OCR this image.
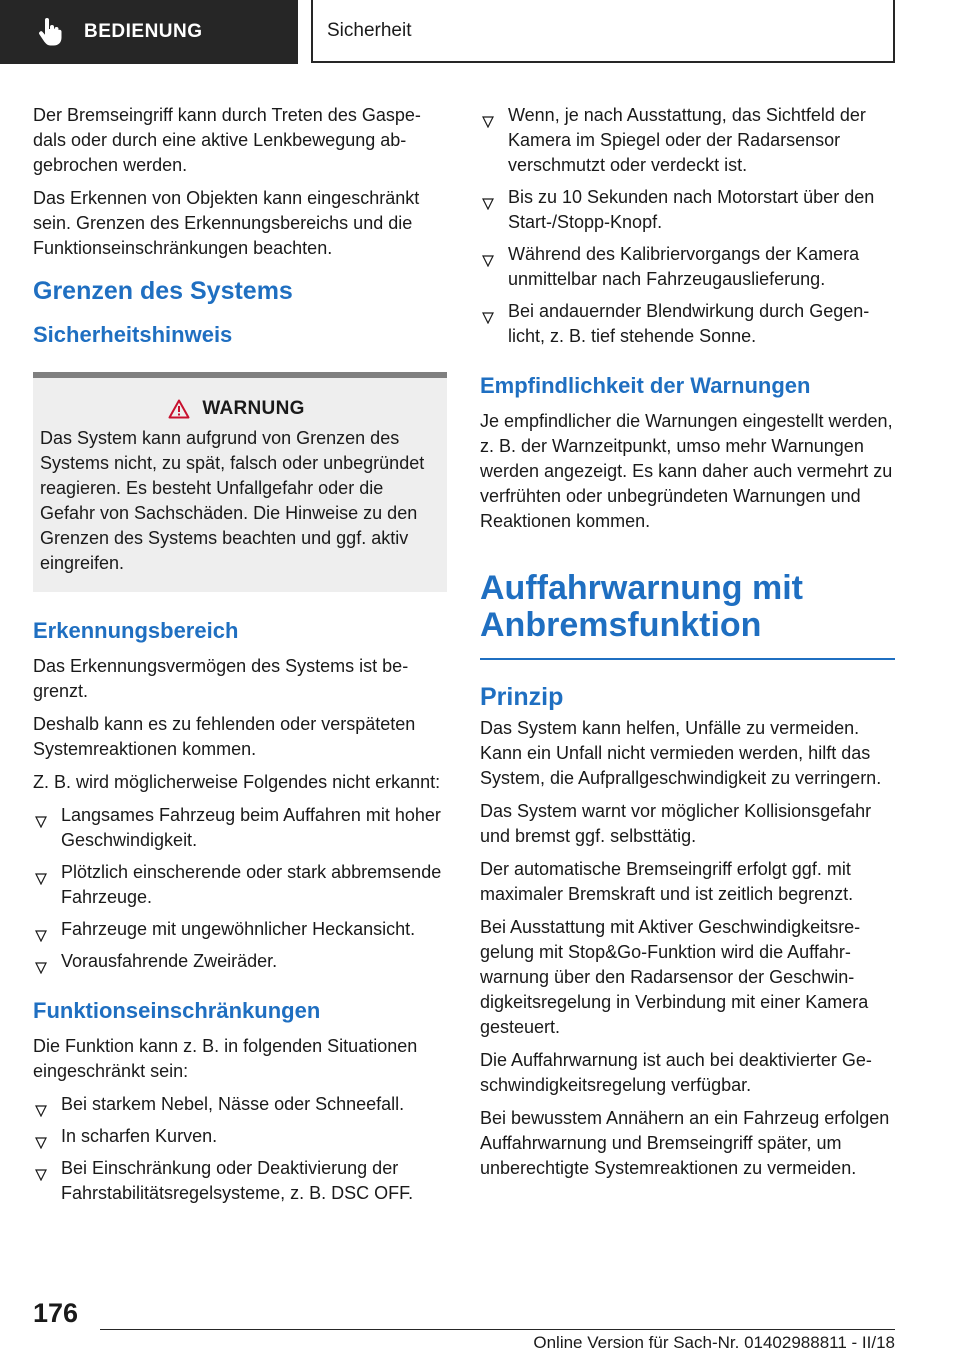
BEDIENUNG	Sicherheit

Der Bremseingriff kann durch Treten des Gaspedals oder durch eine aktive Lenkbewegung abgebrochen werden.

Das Erkennen von Objekten kann eingeschränkt sein. Grenzen des Erkennungsbereichs und die Funktionseinschränkungen beachten.

Grenzen des Systems
Sicherheitshinweis
WARNUNG

Das System kann aufgrund von Grenzen des Systems nicht, zu spät, falsch oder unbegründet reagieren. Es besteht Unfallgefahr oder die Gefahr von Sachschäden. Die Hinweise zu den Grenzen des Systems beachten und ggf. aktiv eingreifen.

Erkennungsbereich

Das Erkennungsvermögen des Systems ist begrenzt.

Deshalb kann es zu fehlenden oder verspäteten Systemreaktionen kommen.

Z. B. wird möglicherweise Folgendes nicht erkannt:

Langsames Fahrzeug beim Auffahren mit hoher Geschwindigkeit.
Plötzlich einscherende oder stark abbremsende Fahrzeuge.
Fahrzeuge mit ungewöhnlicher Heckansicht.
Vorausfahrende Zweiräder.
Funktionseinschränkungen

Die Funktion kann z. B. in folgenden Situationen eingeschränkt sein:

Bei starkem Nebel, Nässe oder Schneefall.
In scharfen Kurven.
Bei Einschränkung oder Deaktivierung der Fahrstabilitätsregelsysteme, z. B. DSC OFF.
Wenn, je nach Ausstattung, das Sichtfeld der Kamera im Spiegel oder der Radarsensor verschmutzt oder verdeckt ist.
Bis zu 10 Sekunden nach Motorstart über den Start-/Stopp-Knopf.
Während des Kalibriervorgangs der Kamera unmittelbar nach Fahrzeugauslieferung.
Bei andauernder Blendwirkung durch Gegenlicht, z. B. tief stehende Sonne.
Empfindlichkeit der Warnungen

Je empfindlicher die Warnungen eingestellt werden, z. B. der Warnzeitpunkt, umso mehr Warnungen werden angezeigt. Es kann daher auch vermehrt zu verfrühten oder unbegründeten Warnungen und Reaktionen kommen.

Auffahrwarnung mit
Anbremsfunktion
Prinzip

Das System kann helfen, Unfälle zu vermeiden. Kann ein Unfall nicht vermieden werden, hilft das System, die Aufprallgeschwindigkeit zu verringern.

Das System warnt vor möglicher Kollisionsgefahr und bremst ggf. selbsttätig.

Der automatische Bremseingriff erfolgt ggf. mit maximaler Bremskraft und ist zeitlich begrenzt.

Bei Ausstattung mit Aktiver Geschwindigkeitsregelung mit Stop&Go-Funktion wird die Auffahrwarnung über den Radarsensor der Geschwindigkeitsregelung in Verbindung mit einer Kamera gesteuert.

Die Auffahrwarnung ist auch bei deaktivierter Geschwindigkeitsregelung verfügbar.

Bei bewusstem Annähern an ein Fahrzeug erfolgen Auffahrwarnung und Bremseingriff später, um unberechtigte Systemreaktionen zu vermeiden.

176
Online Version für Sach-Nr. 01402988811 - II/18
